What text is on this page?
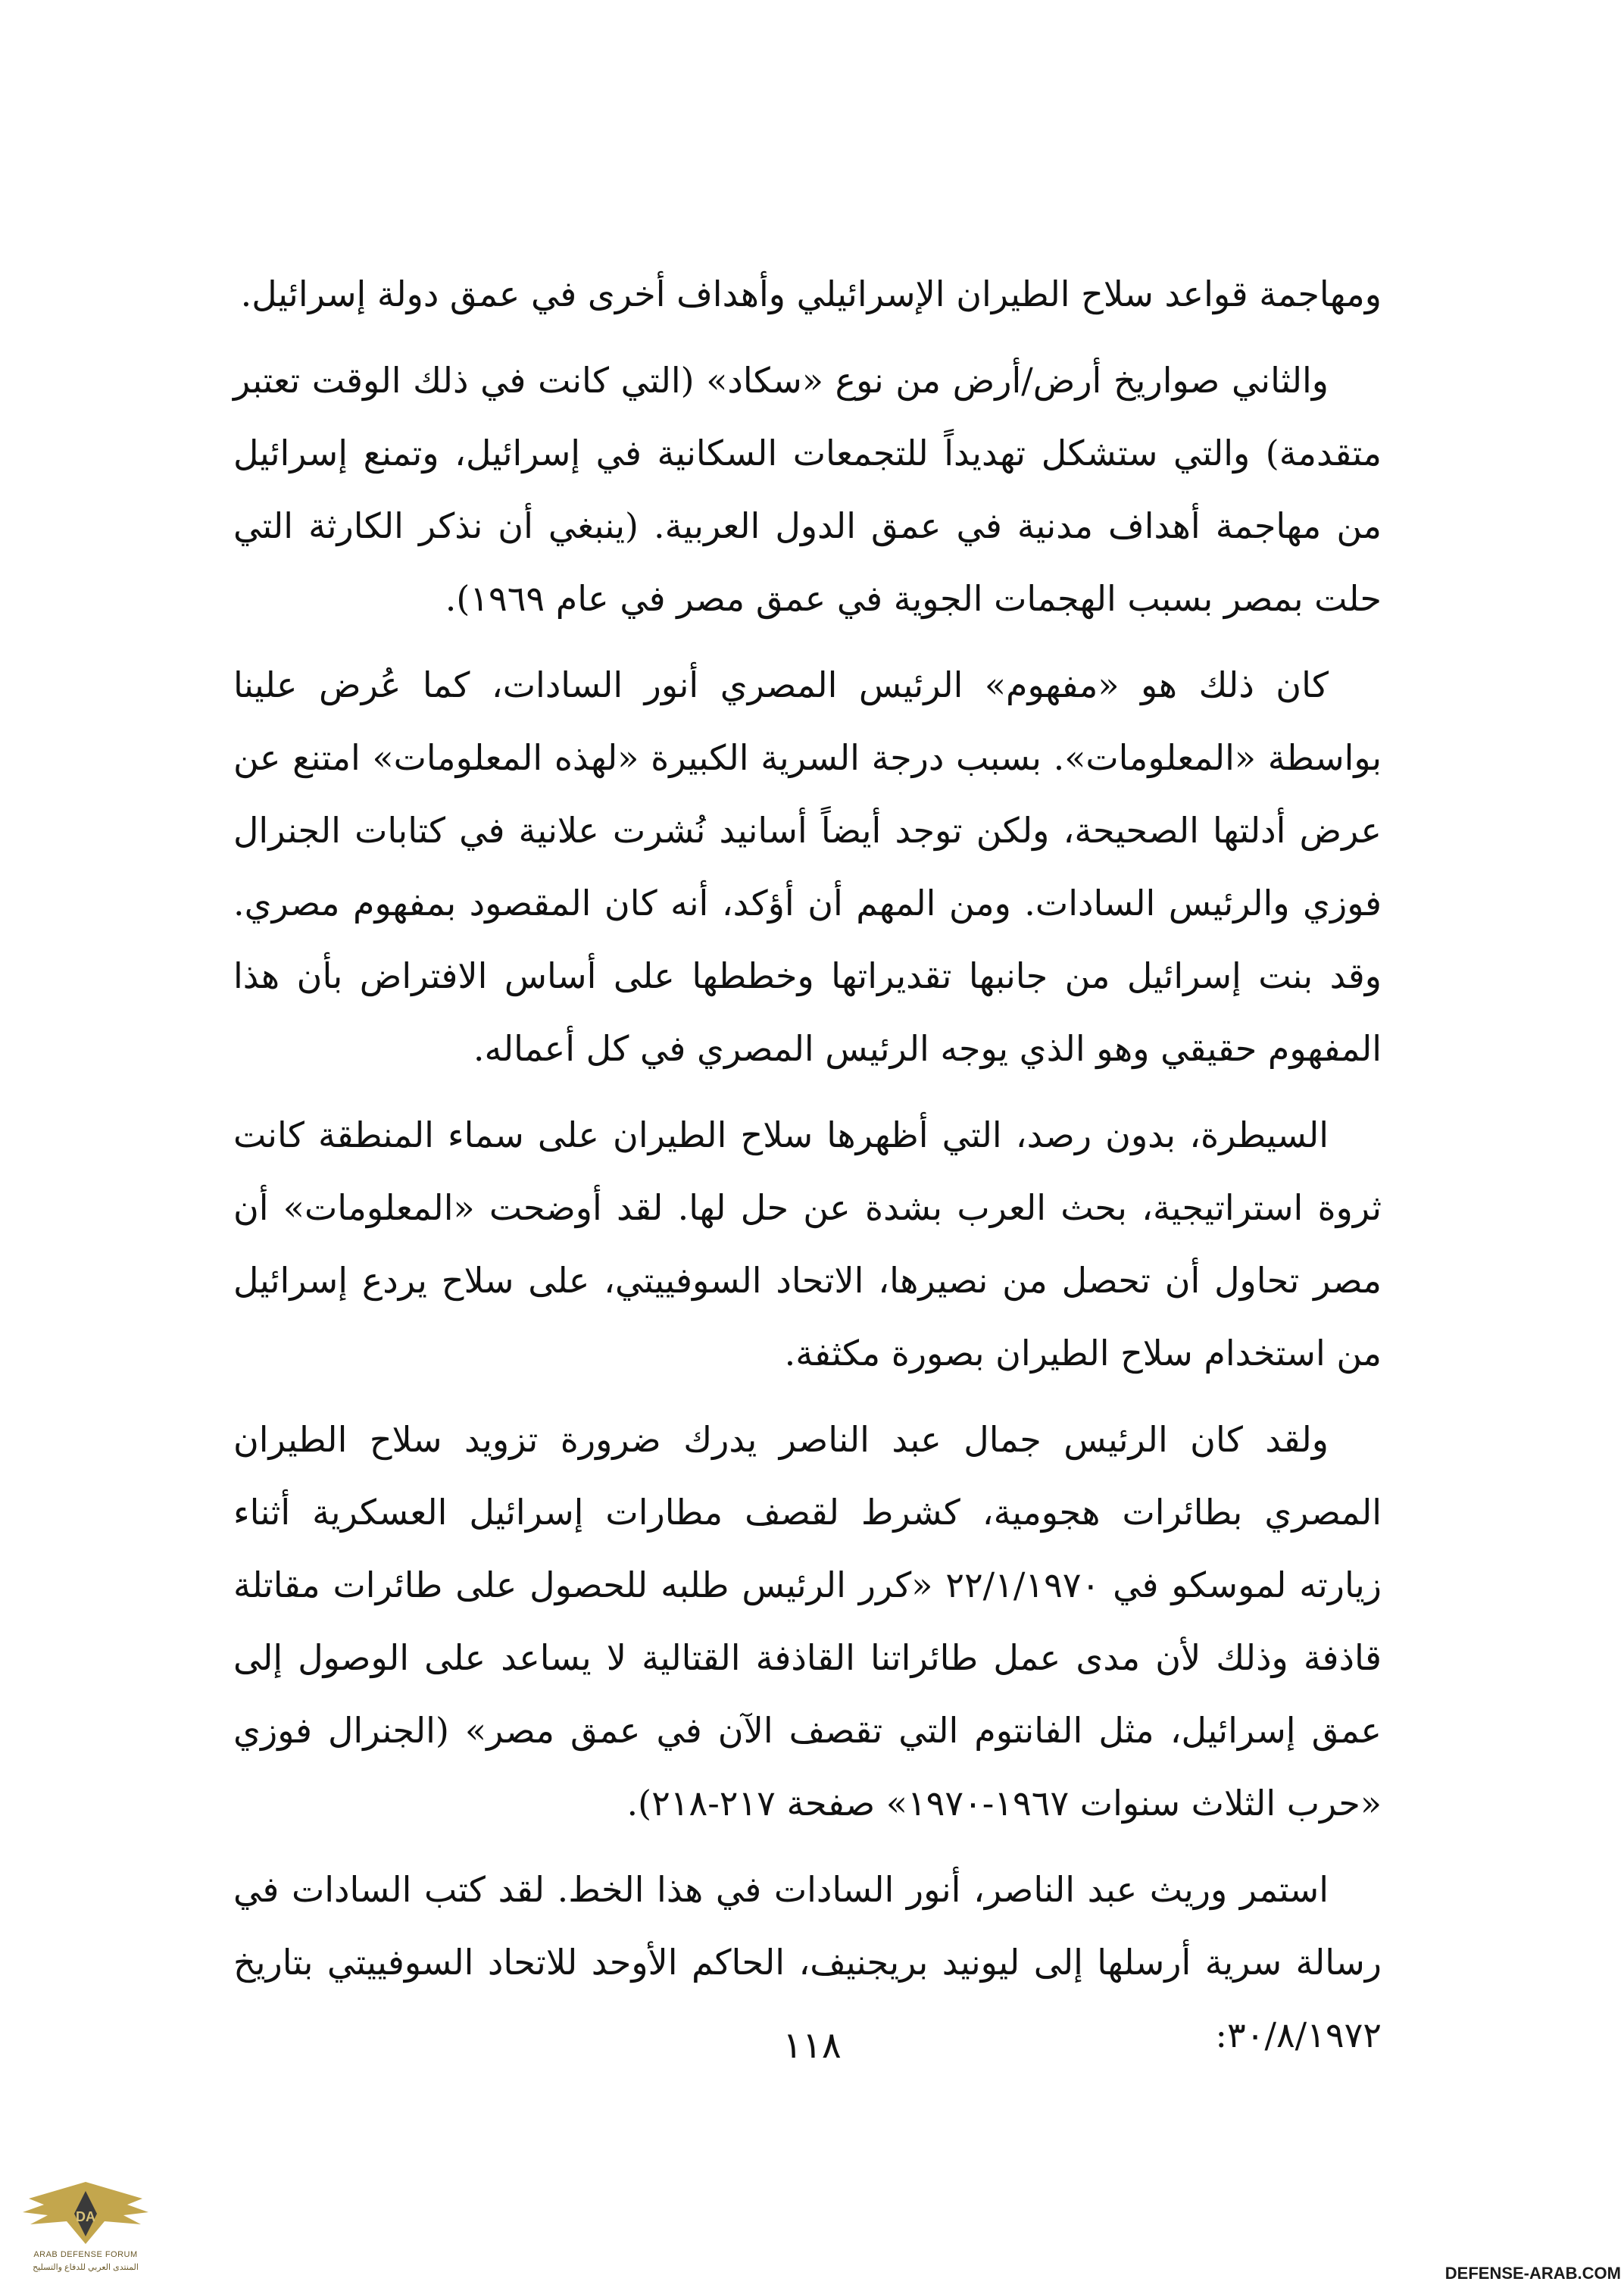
ومهاجمة قواعد سلاح الطيران الإسرائيلي وأهداف أخرى في عمق دولة إسرائيل.

والثاني صواريخ أرض/أرض من نوع «سكاد» (التي كانت في ذلك الوقت تعتبر متقدمة) والتي ستشكل تهديداً للتجمعات السكانية في إسرائيل، وتمنع إسرائيل من مهاجمة أهداف مدنية في عمق الدول العربية. (ينبغي أن نذكر الكارثة التي حلت بمصر بسبب الهجمات الجوية في عمق مصر في عام ١٩٦٩).

كان ذلك هو «مفهوم» الرئيس المصري أنور السادات، كما عُرض علينا بواسطة «المعلومات». بسبب درجة السرية الكبيرة «لهذه المعلومات» امتنع عن عرض أدلتها الصحيحة، ولكن توجد أيضاً أسانيد نُشرت علانية في كتابات الجنرال فوزي والرئيس السادات. ومن المهم أن أؤكد، أنه كان المقصود بمفهوم مصري. وقد بنت إسرائيل من جانبها تقديراتها وخططها على أساس الافتراض بأن هذا المفهوم حقيقي وهو الذي يوجه الرئيس المصري في كل أعماله.

السيطرة، بدون رصد، التي أظهرها سلاح الطيران على سماء المنطقة كانت ثروة استراتيجية، بحث العرب بشدة عن حل لها. لقد أوضحت «المعلومات» أن مصر تحاول أن تحصل من نصيرها، الاتحاد السوفييتي، على سلاح يردع إسرائيل من استخدام سلاح الطيران بصورة مكثفة.

ولقد كان الرئيس جمال عبد الناصر يدرك ضرورة تزويد سلاح الطيران المصري بطائرات هجومية، كشرط لقصف مطارات إسرائيل العسكرية أثناء زيارته لموسكو في ٢٢/١/١٩٧٠ «كرر الرئيس طلبه للحصول على طائرات مقاتلة قاذفة وذلك لأن مدى عمل طائراتنا القاذفة القتالية لا يساعد على الوصول إلى عمق إسرائيل، مثل الفانتوم التي تقصف الآن في عمق مصر» (الجنرال فوزي «حرب الثلاث سنوات ١٩٦٧-١٩٧٠» صفحة ٢١٧-٢١٨).

استمر وريث عبد الناصر، أنور السادات في هذا الخط. لقد كتب السادات في رسالة سرية أرسلها إلى ليونيد بريجنيف، الحاكم الأوحد للاتحاد السوفييتي بتاريخ ٣٠/٨/١٩٧٢:

١١٨
DA
ARAB DEFENSE FORUM
المنتدى العربي للدفاع والتسليح	DEFENSE-ARAB.COM
